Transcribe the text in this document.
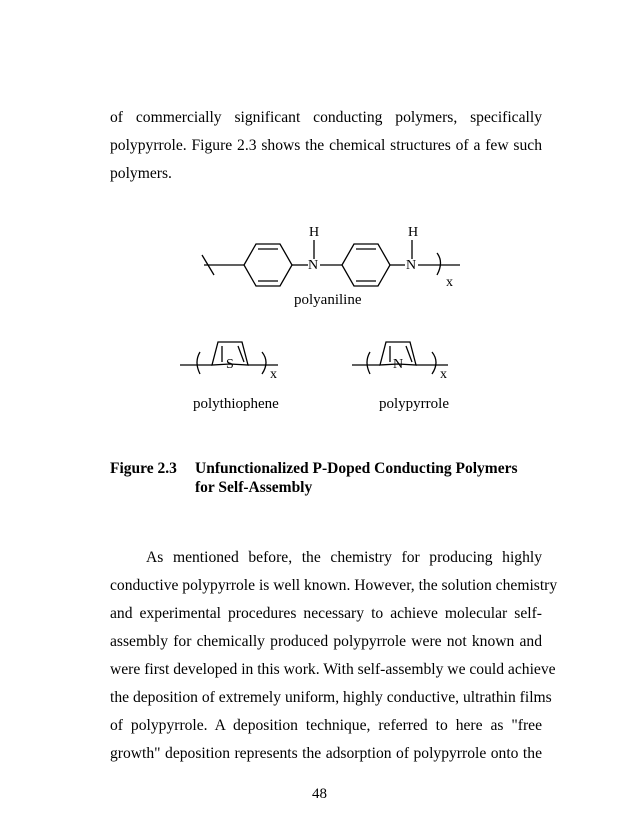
of commercially significant conducting polymers, specifically
polypyrrole. Figure 2.3 shows the chemical structures of a few such
polymers.
H	H
N	N
x
S
x
N
x
polyaniline
polythiophene	polypyrrole
Figure 2.3 Unfunctionalized P-Doped Conducting Polymers
for Self-Assembly
As mentioned before, the chemistry for producing highly
conductive polypyrrole is well known. However, the solution chemistry
and experimental procedures necessary to achieve molecular self-
assembly for chemically produced polypyrrole were not known and
were first developed in this work. With self-assembly we could achieve
the deposition of extremely uniform, highly conductive, ultrathin films
of polypyrrole. A deposition technique, referred to here as "free
growth" deposition represents the adsorption of polypyrrole onto the
48
